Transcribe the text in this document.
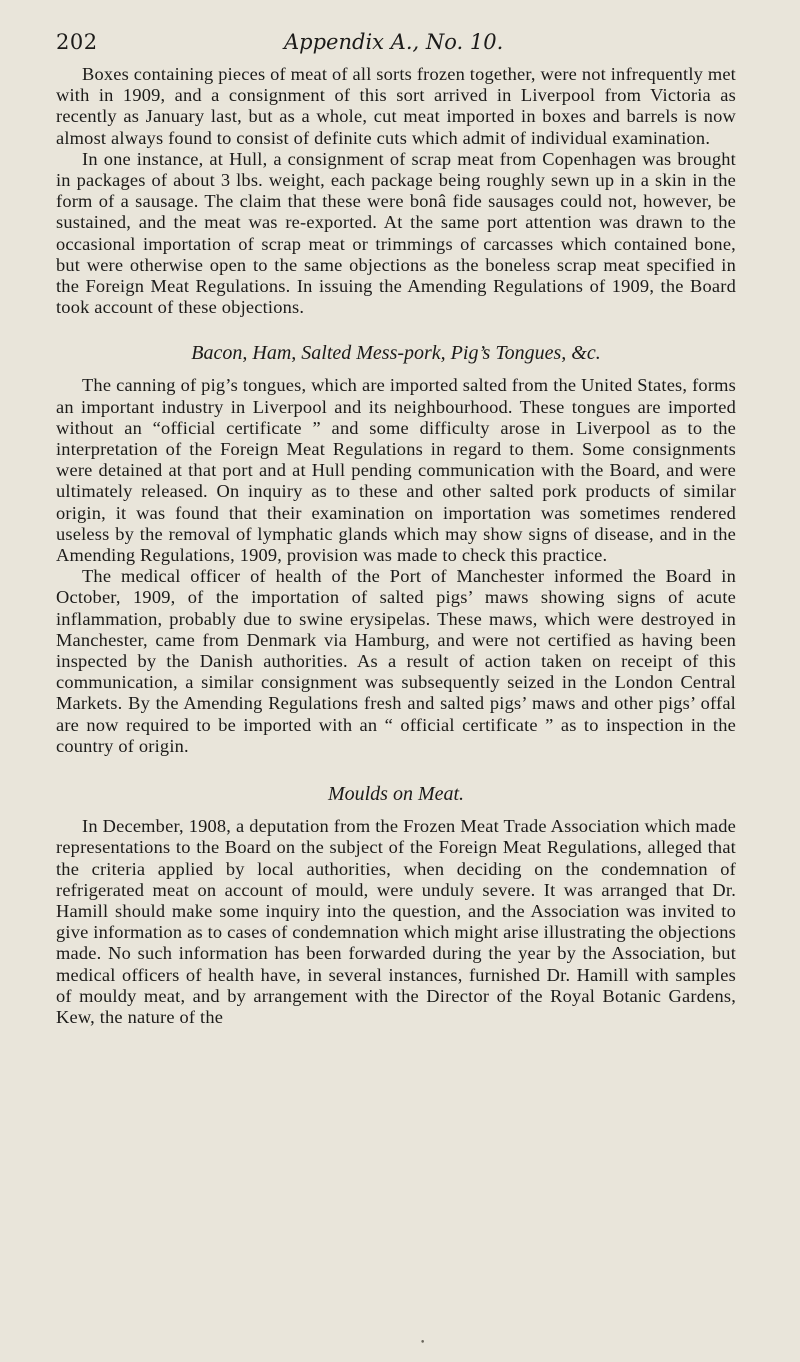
202	Appendix A., No. 10.

Boxes containing pieces of meat of all sorts frozen together, were not infrequently met with in 1909, and a consignment of this sort arrived in Liverpool from Victoria as recently as January last, but as a whole, cut meat imported in boxes and barrels is now almost always found to consist of definite cuts which admit of individual examination.

In one instance, at Hull, a consignment of scrap meat from Copenhagen was brought in packages of about 3 lbs. weight, each package being roughly sewn up in a skin in the form of a sausage. The claim that these were bonâ fide sausages could not, however, be sustained, and the meat was re-exported. At the same port attention was drawn to the occasional importation of scrap meat or trimmings of carcasses which contained bone, but were otherwise open to the same objections as the boneless scrap meat specified in the Foreign Meat Regulations. In issuing the Amending Regulations of 1909, the Board took account of these objections.

Bacon, Ham, Salted Mess-pork, Pig’s Tongues, &c.

The canning of pig’s tongues, which are imported salted from the United States, forms an important industry in Liverpool and its neighbourhood. These tongues are imported without an “official certificate ” and some difficulty arose in Liverpool as to the interpretation of the Foreign Meat Regulations in regard to them. Some consignments were detained at that port and at Hull pending communication with the Board, and were ultimately released. On inquiry as to these and other salted pork products of similar origin, it was found that their examination on importation was sometimes rendered useless by the removal of lymphatic glands which may show signs of disease, and in the Amending Regulations, 1909, provision was made to check this practice.

The medical officer of health of the Port of Manchester informed the Board in October, 1909, of the importation of salted pigs’ maws showing signs of acute inflammation, probably due to swine erysipelas. These maws, which were destroyed in Manchester, came from Denmark via Hamburg, and were not certified as having been inspected by the Danish authorities. As a result of action taken on receipt of this communication, a similar consignment was subsequently seized in the London Central Markets. By the Amending Regulations fresh and salted pigs’ maws and other pigs’ offal are now required to be imported with an “ official certificate ” as to inspection in the country of origin.

Moulds on Meat.

In December, 1908, a deputation from the Frozen Meat Trade Association which made representations to the Board on the subject of the Foreign Meat Regulations, alleged that the criteria applied by local authorities, when deciding on the condemnation of refrigerated meat on account of mould, were unduly severe. It was arranged that Dr. Hamill should make some inquiry into the question, and the Association was invited to give information as to cases of condemnation which might arise illustrating the objections made. No such information has been forwarded during the year by the Association, but medical officers of health have, in several instances, furnished Dr. Hamill with samples of mouldy meat, and by arrangement with the Director of the Royal Botanic Gardens, Kew, the nature of the

•
